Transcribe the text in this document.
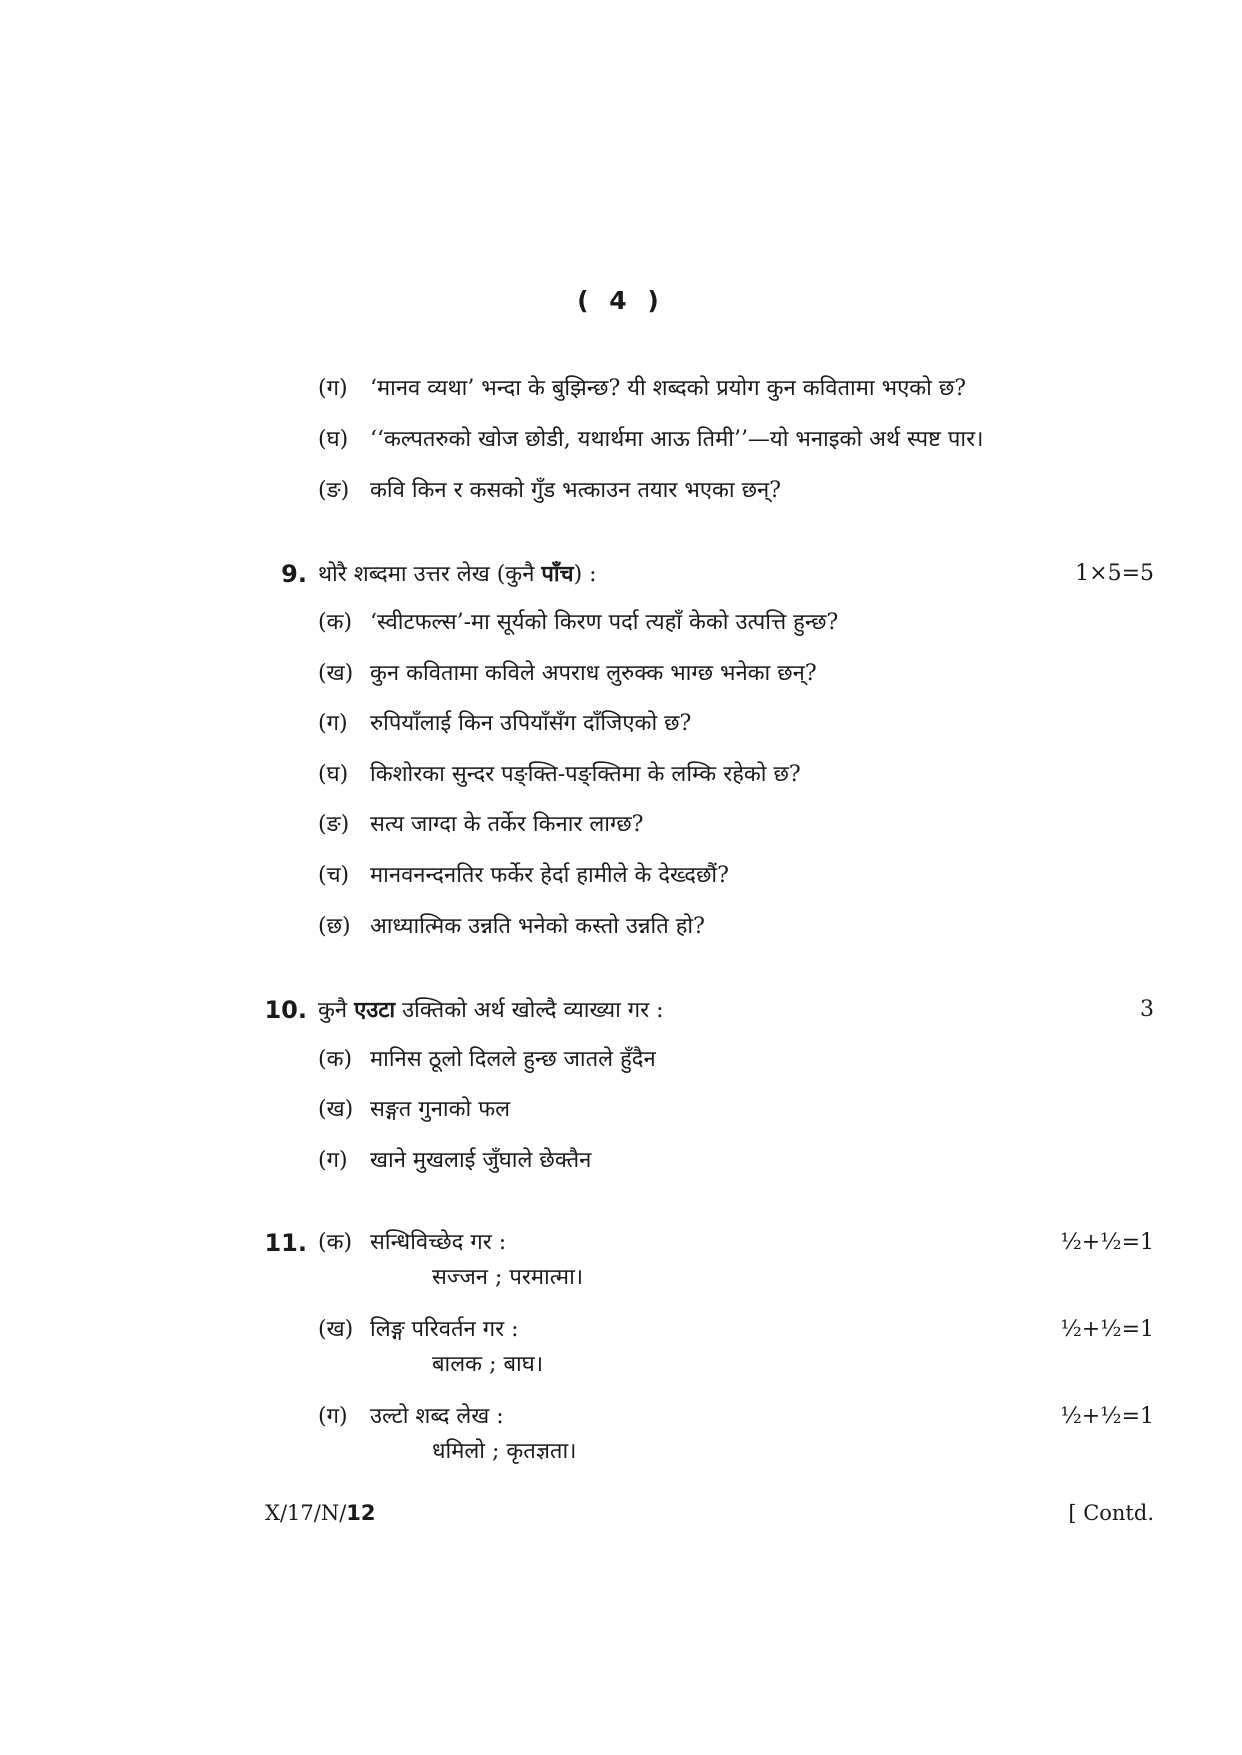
( 4 )
(ग) ‘मानव व्यथा’ भन्दा के बुझिन्छ? यी शब्दको प्रयोग कुन कवितामा भएको छ?
(घ) ‘‘कल्पतरुको खोज छोडी, यथार्थमा आऊ तिमी’’—यो भनाइको अर्थ स्पष्ट पार।
(ङ) कवि किन र कसको गुँड भत्काउन तयार भएका छन्?
9. थोरै शब्दमा उत्तर लेख (कुनै पाँच) :	1×5=5
(क) ‘स्वीटफल्स’-मा सूर्यको किरण पर्दा त्यहाँ केको उत्पत्ति हुन्छ?
(ख) कुन कवितामा कविले अपराध लुरुक्क भाग्छ भनेका छन्?
(ग) रुपियाँलाई किन उपियाँसँग दाँजिएको छ?
(घ) किशोरका सुन्दर पङ्क्ति-पङ्क्तिमा के लम्कि रहेको छ?
(ङ) सत्य जाग्दा के तर्केर किनार लाग्छ?
(च) मानवनन्दनतिर फर्केर हेर्दा हामीले के देख्दछौं?
(छ) आध्यात्मिक उन्नति भनेको कस्तो उन्नति हो?
10. कुनै एउटा उक्तिको अर्थ खोल्दै व्याख्या गर :	3
(क) मानिस ठूलो दिलले हुन्छ जातले हुँदैन
(ख) सङ्गत गुनाको फल
(ग) खाने मुखलाई जुँघाले छेक्तैन
11. (क) सन्धिविच्छेद गर :	½+½=1
सज्जन ; परमात्मा।
(ख) लिङ्ग परिवर्तन गर :	½+½=1
बालक ; बाघ।
(ग) उल्टो शब्द लेख :	½+½=1
धमिलो ; कृतज्ञता।
X/17/N/12	[ Contd.
